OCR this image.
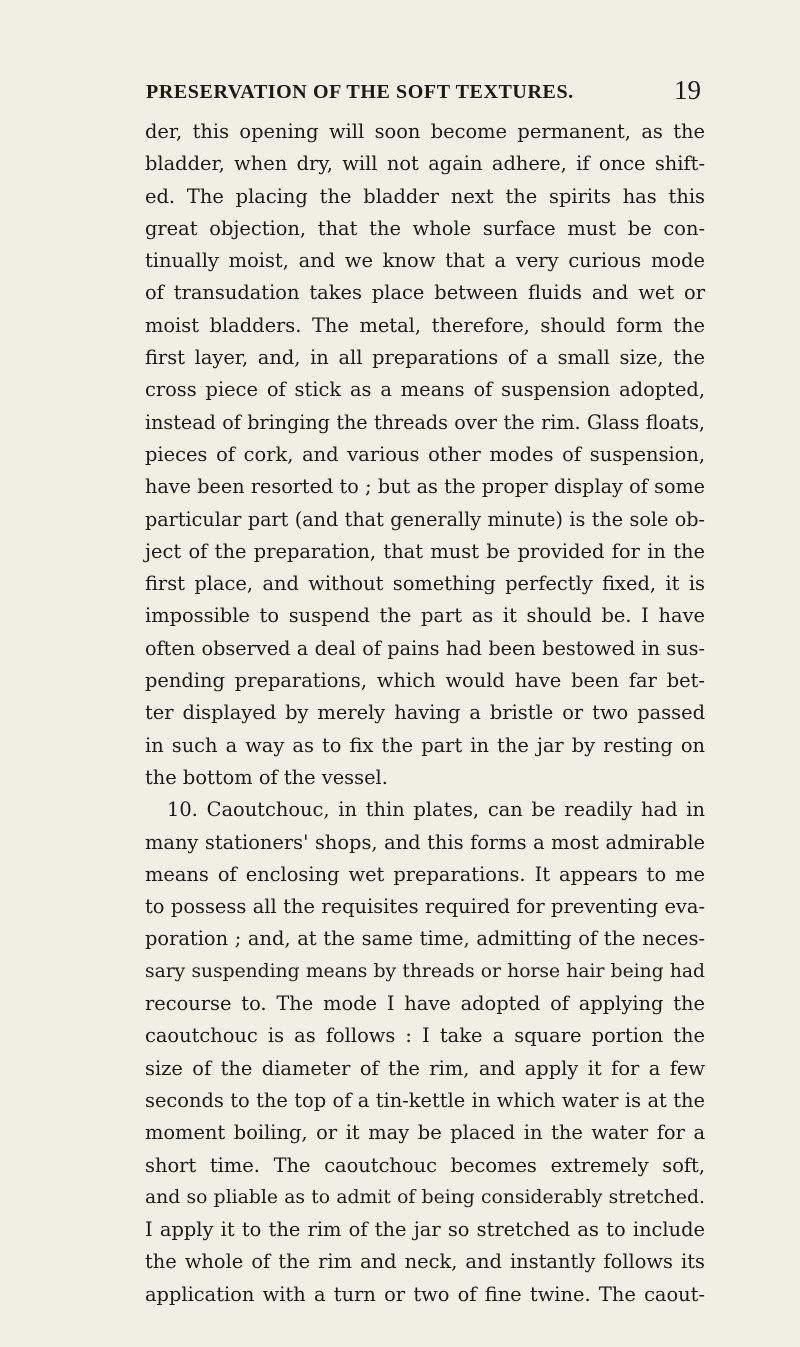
PRESERVATION OF THE SOFT TEXTURES.	19

der, this opening will soon become permanent, as the
bladder, when dry, will not again adhere, if once shift-
ed. The placing the bladder next the spirits has this
great objection, that the whole surface must be con-
tinually moist, and we know that a very curious mode
of transudation takes place between fluids and wet or
moist bladders. The metal, therefore, should form the
first layer, and, in all preparations of a small size, the
cross piece of stick as a means of suspension adopted,
instead of bringing the threads over the rim. Glass floats,
pieces of cork, and various other modes of suspension,
have been resorted to ; but as the proper display of some
particular part (and that generally minute) is the sole ob-
ject of the preparation, that must be provided for in the
first place, and without something perfectly fixed, it is
impossible to suspend the part as it should be. I have
often observed a deal of pains had been bestowed in sus-
pending preparations, which would have been far bet-
ter displayed by merely having a bristle or two passed
in such a way as to fix the part in the jar by resting on
the bottom of the vessel.

10. Caoutchouc, in thin plates, can be readily had in
many stationers' shops, and this forms a most admirable
means of enclosing wet preparations. It appears to me
to possess all the requisites required for preventing eva-
poration ; and, at the same time, admitting of the neces-
sary suspending means by threads or horse hair being had
recourse to. The mode I have adopted of applying the
caoutchouc is as follows : I take a square portion the
size of the diameter of the rim, and apply it for a few
seconds to the top of a tin-kettle in which water is at the
moment boiling, or it may be placed in the water for a
short time. The caoutchouc becomes extremely soft,
and so pliable as to admit of being considerably stretched.
I apply it to the rim of the jar so stretched as to include
the whole of the rim and neck, and instantly follows its
application with a turn or two of fine twine. The caout-
